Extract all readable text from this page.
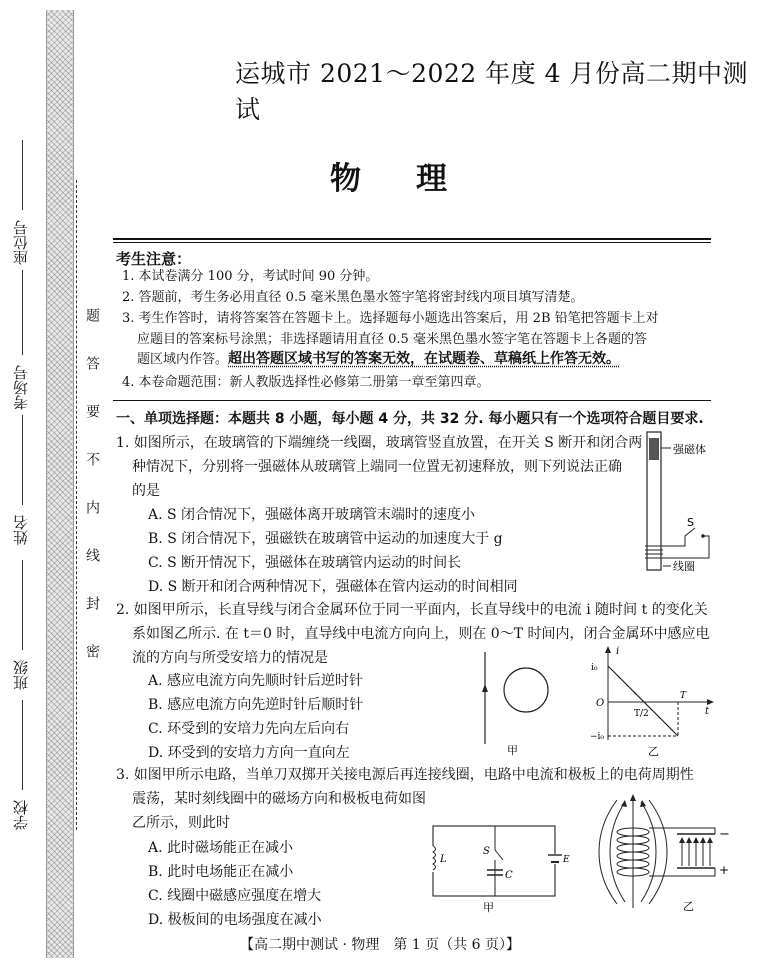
座位号
考场号
姓名
班级
学校
题
答
要
不
内
线
封
密
运城市 2021～2022 年度 4 月份高二期中测试
物理
考生注意：
1. 本试卷满分 100 分，考试时间 90 分钟。
2. 答题前，考生务必用直径 0.5 毫米黑色墨水签字笔将密封线内项目填写清楚。
3. 考生作答时，请将答案答在答题卡上。选择题每小题选出答案后，用 2B 铅笔把答题卡上对
应题目的答案标号涂黑；非选择题请用直径 0.5 毫米黑色墨水签字笔在答题卡上各题的答
题区域内作答。超出答题区域书写的答案无效，在试题卷、草稿纸上作答无效。
4. 本卷命题范围：新人教版选择性必修第二册第一章至第四章。
一、单项选择题：本题共 8 小题，每小题 4 分，共 32 分. 每小题只有一个选项符合题目要求.
1. 如图所示，在玻璃管的下端缠绕一线圈，玻璃管竖直放置，在开关 S 断开和闭合两
种情况下，分别将一强磁体从玻璃管上端同一位置无初速释放，则下列说法正确
的是
A. S 闭合情况下，强磁体离开玻璃管末端时的速度小
B. S 闭合情况下，强磁铁在玻璃管中运动的加速度大于 g
C. S 断开情况下，强磁体在玻璃管内运动的时间长
D. S 断开和闭合两种情况下，强磁体在管内运动的时间相同
强磁体
S
线圈
2. 如图甲所示，长直导线与闭合金属环位于同一平面内，长直导线中的电流 i 随时间 t 的变化关
系如图乙所示. 在 t＝0 时，直导线中电流方向向上，则在 0～T 时间内，闭合金属环中感应电
流的方向与所受安培力的情况是
A. 感应电流方向先顺时针后逆时针
B. 感应电流方向先逆时针后顺时针
C. 环受到的安培力先向左后向右
D. 环受到的安培力方向一直向左	甲
i
t
i₀
−i₀
O
T/2
T
乙
3. 如图甲所示电路，当单刀双掷开关接电源后再连接线圈，电路中电流和极板上的电荷周期性
震荡，某时刻线圈中的磁场方向和极板电荷如图
乙所示，则此时
A. 此时磁场能正在减小
B. 此时电场能正在减小
C. 线圈中磁感应强度在增大
D. 极板间的电场强度在减小
L
S
C
E
甲
−
+
乙
【高二期中测试 · 物理　第 1 页（共 6 页）】
